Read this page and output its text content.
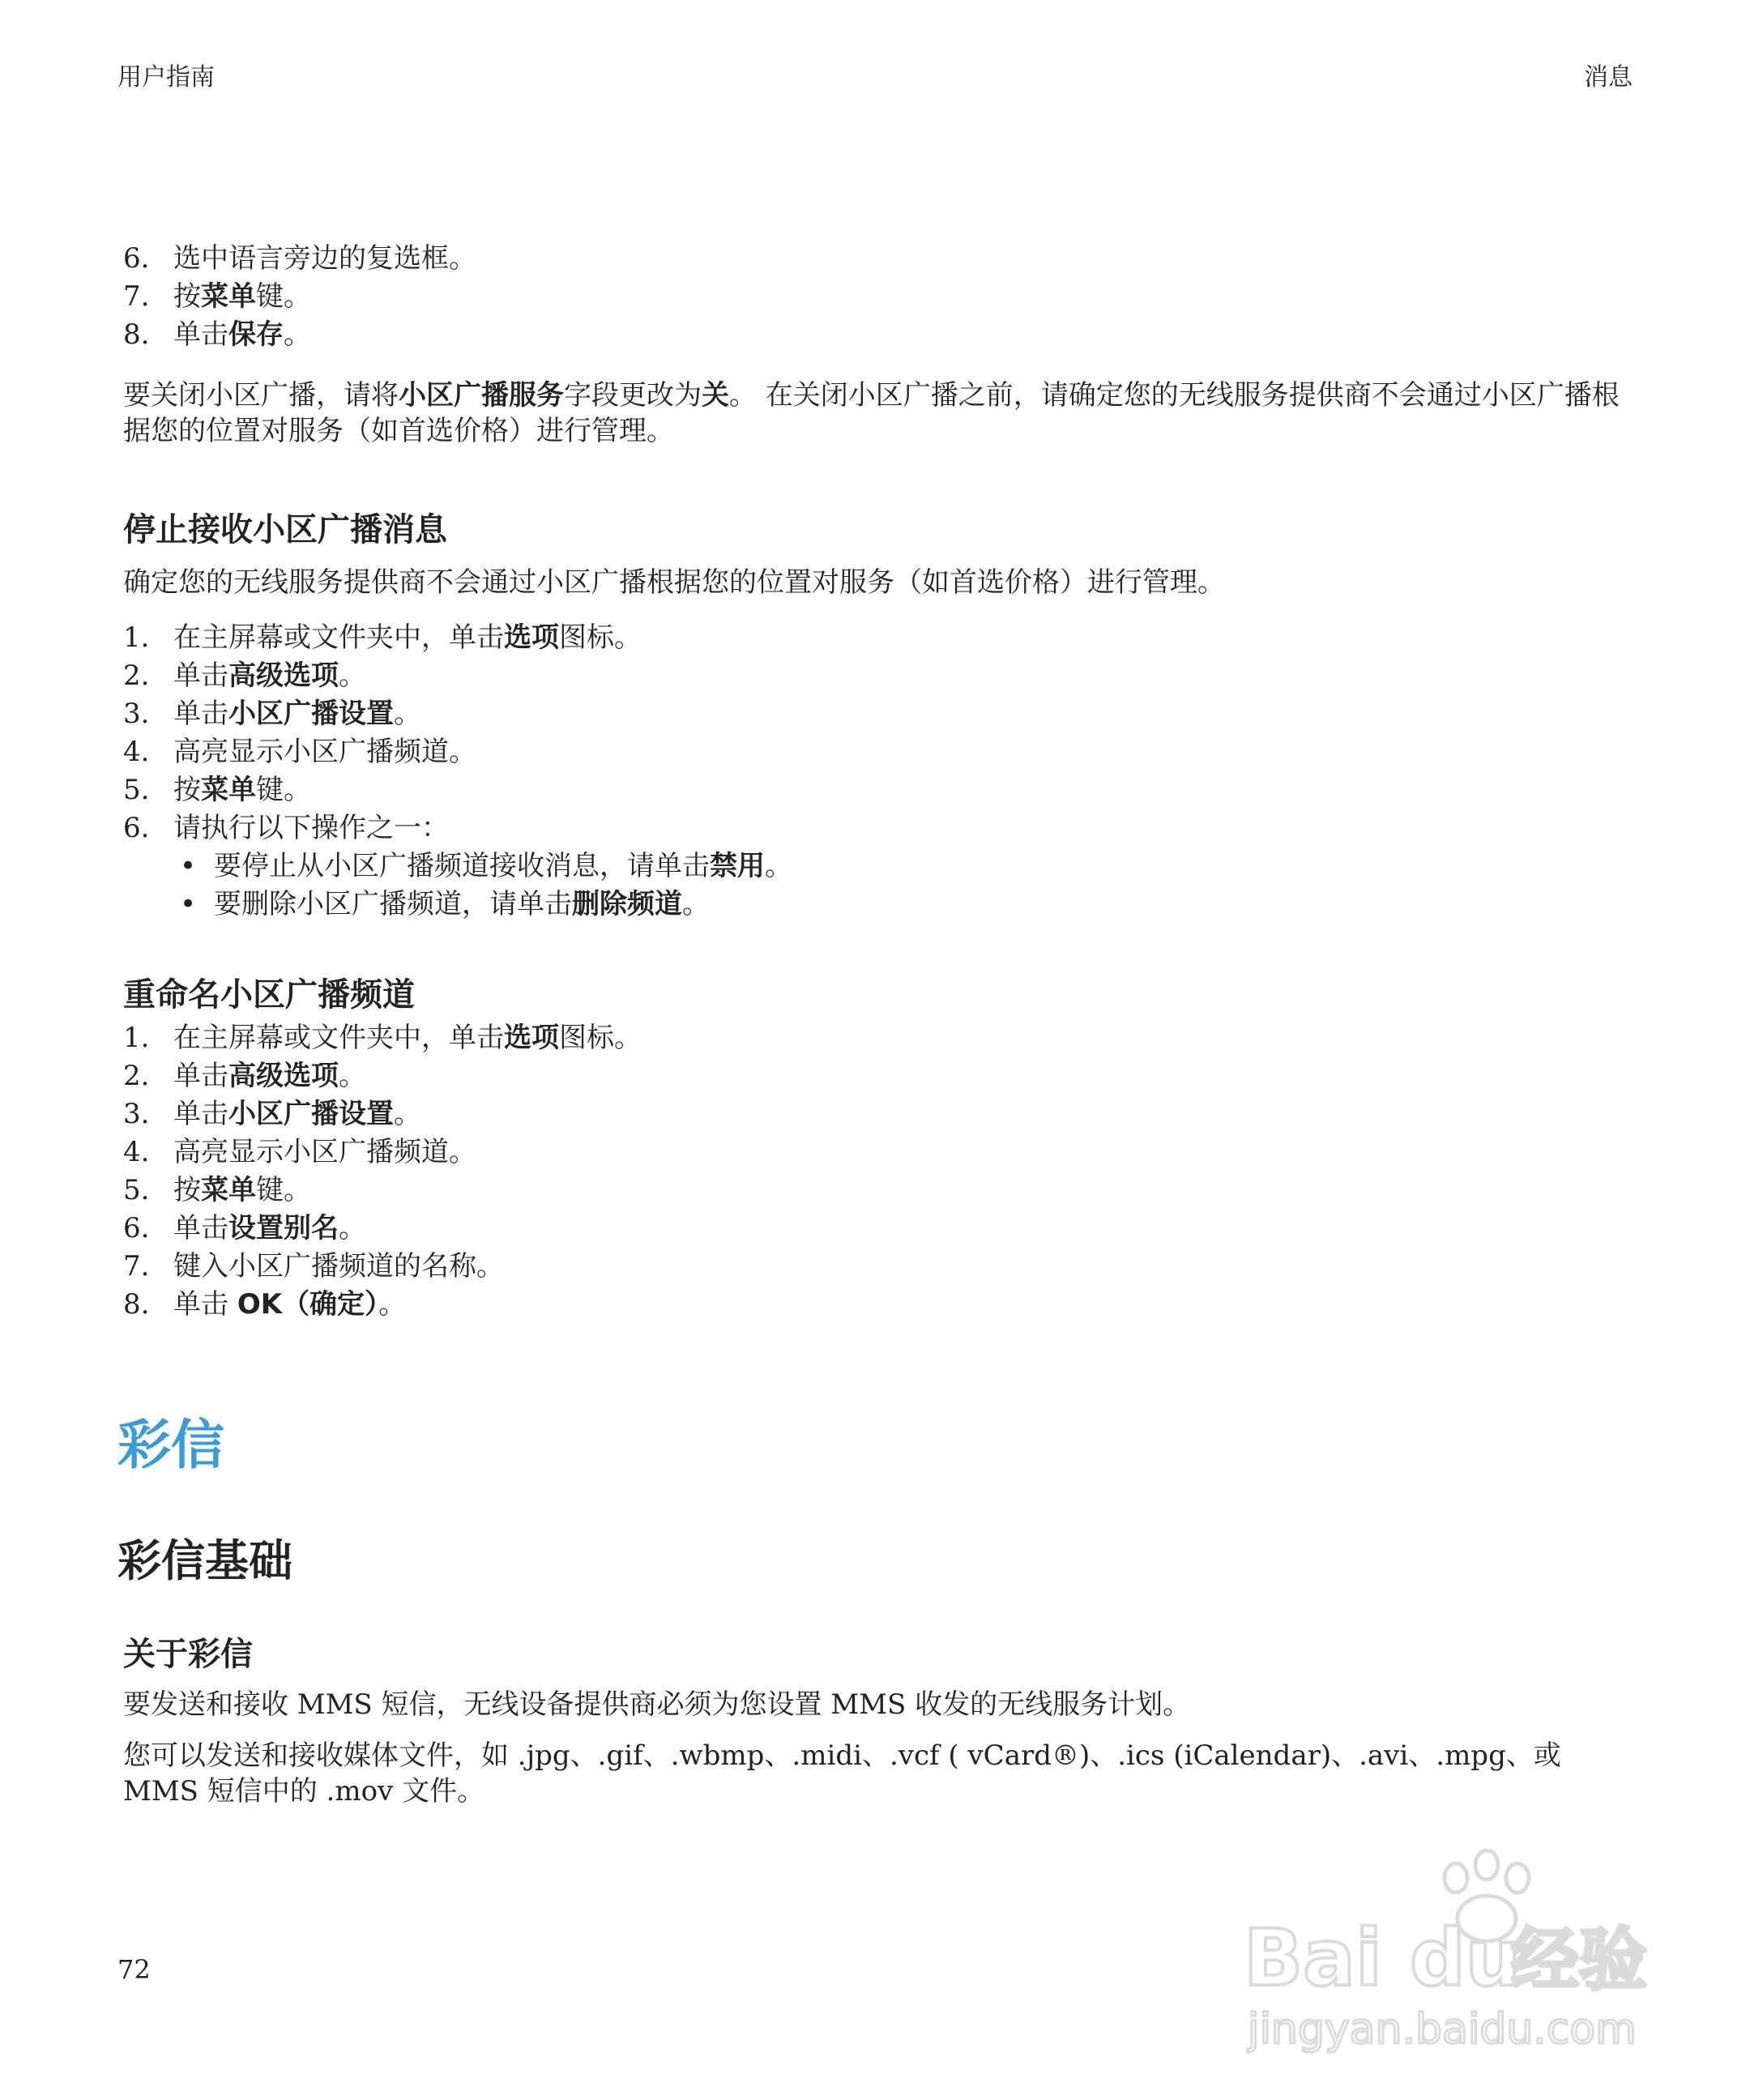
用户指南	消息
6. 选中语言旁边的复选框。
7. 按菜单键。
8. 单击保存。

要关闭小区广播，请将小区广播服务字段更改为关。 在关闭小区广播之前，请确定您的无线服务提供商不会通过小区广播根据您的位置对服务（如首选价格）进行管理。

停止接收小区广播消息

确定您的无线服务提供商不会通过小区广播根据您的位置对服务（如首选价格）进行管理。

1. 在主屏幕或文件夹中，单击选项图标。
2. 单击高级选项。
3. 单击小区广播设置。
4. 高亮显示小区广播频道。
5. 按菜单键。
6. 请执行以下操作之一：
• 要停止从小区广播频道接收消息，请单击禁用。
• 要删除小区广播频道，请单击删除频道。
重命名小区广播频道
1. 在主屏幕或文件夹中，单击选项图标。
2. 单击高级选项。
3. 单击小区广播设置。
4. 高亮显示小区广播频道。
5. 按菜单键。
6. 单击设置别名。
7. 键入小区广播频道的名称。
8. 单击 OK（确定）。
彩信
彩信基础
关于彩信

要发送和接收 MMS 短信，无线设备提供商必须为您设置 MMS 收发的无线服务计划。

您可以发送和接收媒体文件，如 .jpg、.gif、.wbmp、.midi、.vcf ( vCard®)、.ics (iCalendar)、.avi、.mpg、或 MMS 短信中的 .mov 文件。

72	Bai du
经验
jingyan.baidu.com
